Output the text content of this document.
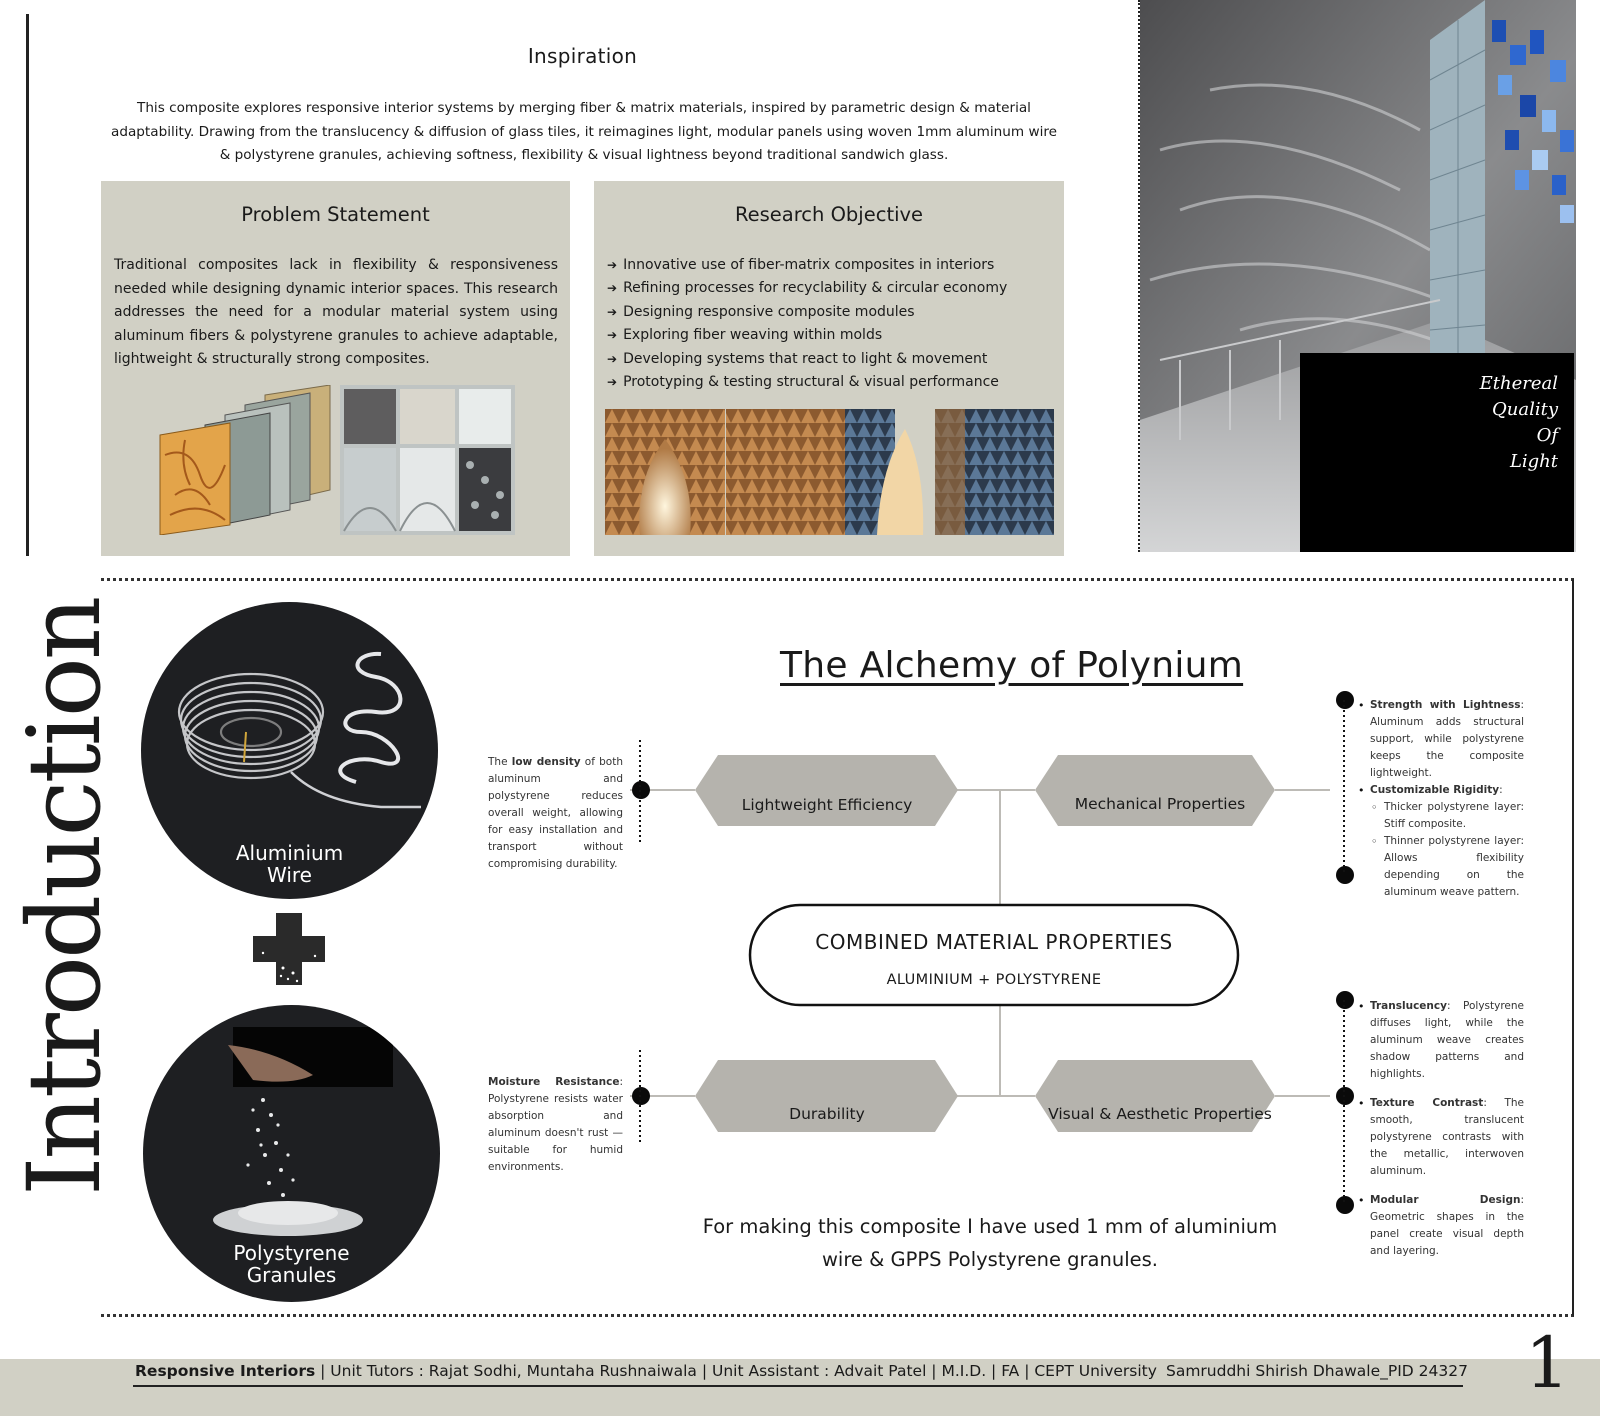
Inspiration

This composite explores responsive interior systems by merging fiber & matrix materials, inspired by parametric design & material adaptability. Drawing from the translucency & diffusion of glass tiles, it reimagines light, modular panels using woven 1mm aluminum wire & polystyrene granules, achieving softness, flexibility & visual lightness beyond traditional sandwich glass.

Problem Statement

Traditional composites lack in flexibility & responsiveness needed while designing dynamic interior spaces. This research addresses the need for a modular material system using aluminum fibers & polystyrene granules to achieve adaptable, lightweight & structurally strong composites.

Research Objective
➔ Innovative use of fiber-matrix composites in interiors
➔ Refining processes for recyclability & circular economy
➔ Designing responsive composite modules
➔ Exploring fiber weaving within molds
➔ Developing systems that react to light & movement
➔ Prototyping & testing structural & visual performance	Ethereal
Quality
Of
Light
Introduction	Aluminium
Wire
Polystyrene
Granules
The Alchemy of Polynium
Lightweight Efficiency	Mechanical Properties
Durability	Visual & Aesthetic Properties
COMBINED MATERIAL PROPERTIES
ALUMINIUM + POLYSTYRENE

The low density of both aluminum and polystyrene reduces overall weight, allowing for easy installation and transport without compromising durability.

Moisture Resistance: Polystyrene resists water absorption and aluminum doesn't rust — suitable for humid environments.

• Strength with Lightness: Aluminum adds structural support, while polystyrene keeps the composite lightweight.
• Customizable Rigidity:
◦ Thicker polystyrene layer: Stiff composite.
◦ Thinner polystyrene layer: Allows flexibility depending on the aluminum weave pattern.
• Translucency: Polystyrene diffuses light, while the aluminum weave creates shadow patterns and highlights.
• Texture Contrast: The smooth, translucent polystyrene contrasts with the metallic, interwoven aluminum.
• Modular Design: Geometric shapes in the panel create visual depth and layering.

For making this composite I have used 1 mm of aluminium wire & GPPS Polystyrene granules.

Responsive Interiors | Unit Tutors : Rajat Sodhi, Muntaha Rushnaiwala | Unit Assistant : Advait Patel | M.I.D. | FA | CEPT University Samruddhi Shirish Dhawale_PID 24327 1
